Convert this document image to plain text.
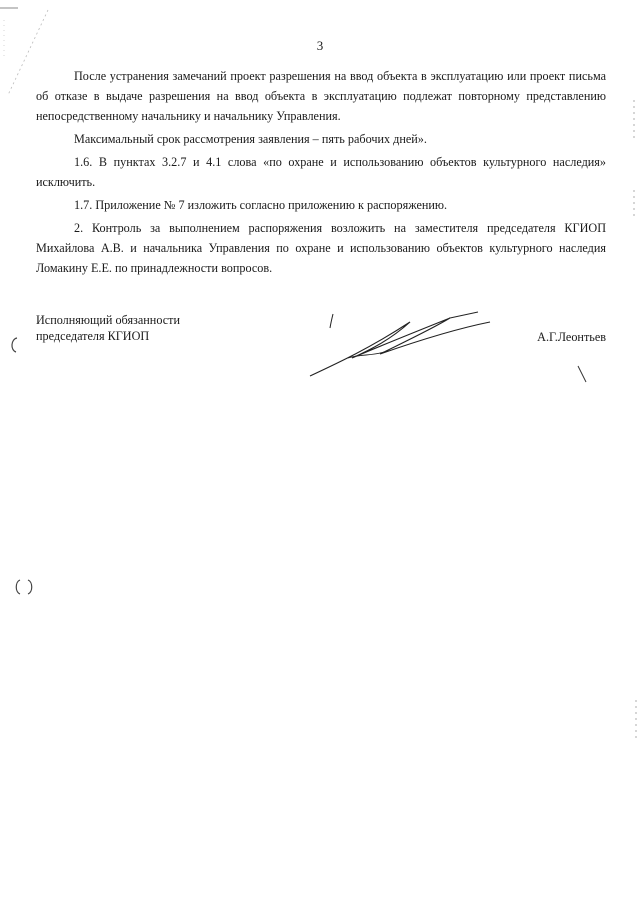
3

После устранения замечаний проект разрешения на ввод объекта в эксплуатацию или проект письма об отказе в выдаче разрешения на ввод объекта в эксплуатацию подлежат повторному представлению непосредственному начальнику и начальнику Управления.

Максимальный срок рассмотрения заявления – пять рабочих дней».

1.6. В пунктах 3.2.7 и 4.1 слова «по охране и использованию объектов культурного наследия» исключить.

1.7. Приложение № 7 изложить согласно приложению к распоряжению.

2. Контроль за выполнением распоряжения возложить на заместителя председателя КГИОП Михайлова А.В. и начальника Управления по охране и использованию объектов культурного наследия Ломакину Е.Е. по принадлежности вопросов.

Исполняющий обязанности
председателя КГИОП	А.Г.Леонтьев
